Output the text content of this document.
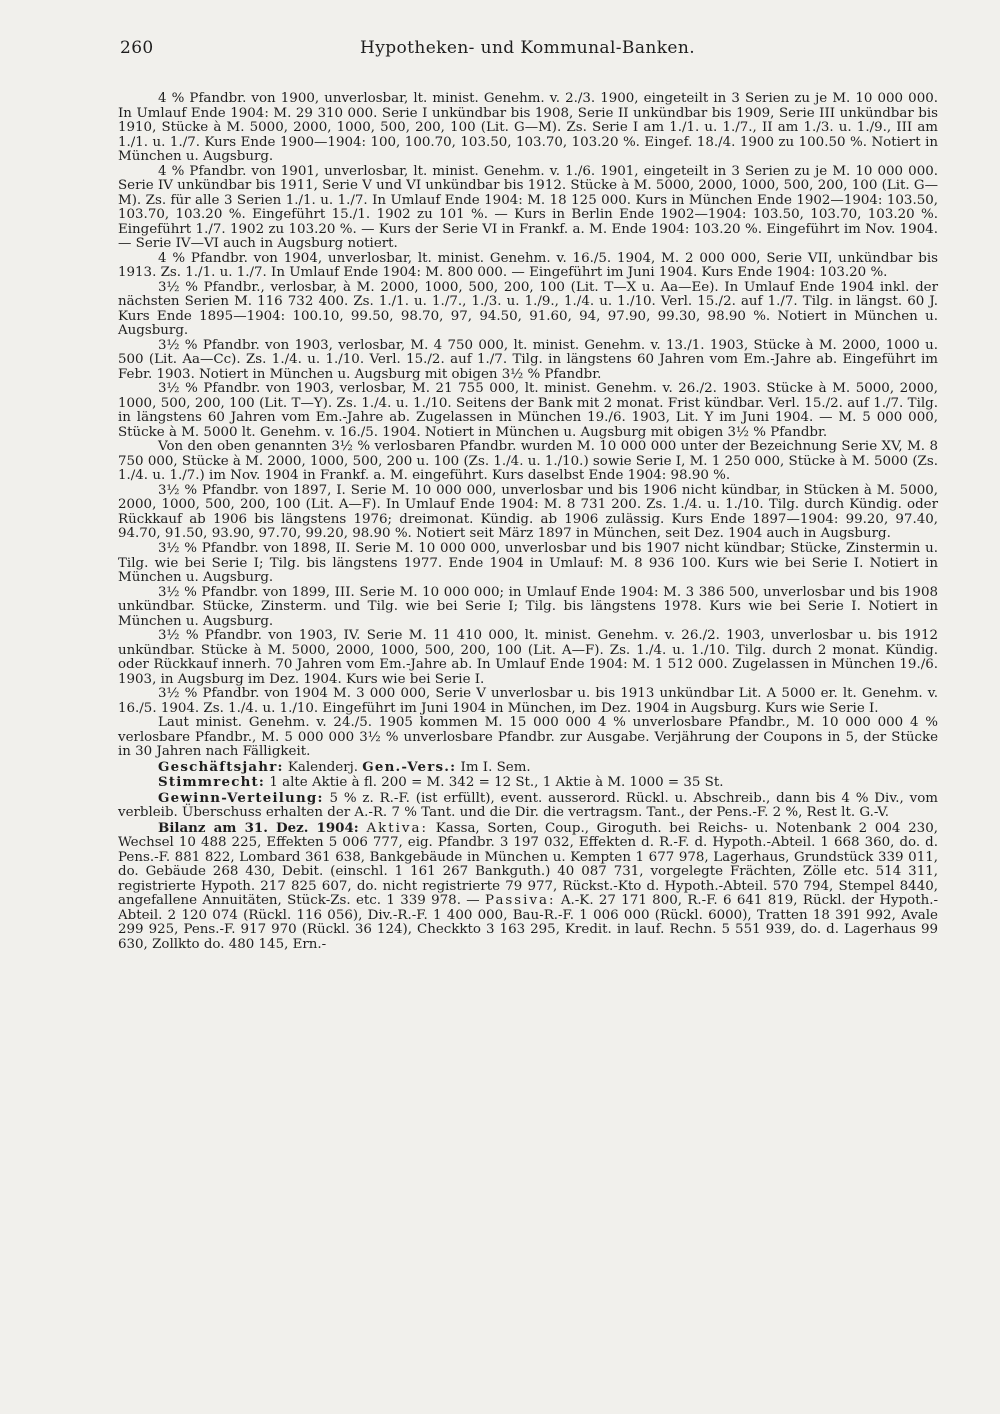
260	Hypotheken- und Kommunal-Banken.

4 % Pfandbr. von 1900, unverlosbar, lt. minist. Genehm. v. 2./3. 1900, eingeteilt in 3 Serien zu je M. 10 000 000. In Umlauf Ende 1904: M. 29 310 000. Serie I unkündbar bis 1908, Serie II unkündbar bis 1909, Serie III unkündbar bis 1910, Stücke à M. 5000, 2000, 1000, 500, 200, 100 (Lit. G—M). Zs. Serie I am 1./1. u. 1./7., II am 1./3. u. 1./9., III am 1./1. u. 1./7. Kurs Ende 1900—1904: 100, 100.70, 103.50, 103.70, 103.20 %. Eingef. 18./4. 1900 zu 100.50 %. Notiert in München u. Augsburg.

4 % Pfandbr. von 1901, unverlosbar, lt. minist. Genehm. v. 1./6. 1901, eingeteilt in 3 Serien zu je M. 10 000 000. Serie IV unkündbar bis 1911, Serie V und VI unkündbar bis 1912. Stücke à M. 5000, 2000, 1000, 500, 200, 100 (Lit. G—M). Zs. für alle 3 Serien 1./1. u. 1./7. In Umlauf Ende 1904: M. 18 125 000. Kurs in München Ende 1902—1904: 103.50, 103.70, 103.20 %. Eingeführt 15./1. 1902 zu 101 %. — Kurs in Berlin Ende 1902—1904: 103.50, 103.70, 103.20 %. Eingeführt 1./7. 1902 zu 103.20 %. — Kurs der Serie VI in Frankf. a. M. Ende 1904: 103.20 %. Eingeführt im Nov. 1904. — Serie IV—VI auch in Augsburg notiert.

4 % Pfandbr. von 1904, unverlosbar, lt. minist. Genehm. v. 16./5. 1904, M. 2 000 000, Serie VII, unkündbar bis 1913. Zs. 1./1. u. 1./7. In Umlauf Ende 1904: M. 800 000. — Eingeführt im Juni 1904. Kurs Ende 1904: 103.20 %.

3½ % Pfandbr., verlosbar, à M. 2000, 1000, 500, 200, 100 (Lit. T—X u. Aa—Ee). In Umlauf Ende 1904 inkl. der nächsten Serien M. 116 732 400. Zs. 1./1. u. 1./7., 1./3. u. 1./9., 1./4. u. 1./10. Verl. 15./2. auf 1./7. Tilg. in längst. 60 J. Kurs Ende 1895—1904: 100.10, 99.50, 98.70, 97, 94.50, 91.60, 94, 97.90, 99.30, 98.90 %. Notiert in München u. Augsburg.

3½ % Pfandbr. von 1903, verlosbar, M. 4 750 000, lt. minist. Genehm. v. 13./1. 1903, Stücke à M. 2000, 1000 u. 500 (Lit. Aa—Cc). Zs. 1./4. u. 1./10. Verl. 15./2. auf 1./7. Tilg. in längstens 60 Jahren vom Em.-Jahre ab. Eingeführt im Febr. 1903. Notiert in München u. Augsburg mit obigen 3½ % Pfandbr.

3½ % Pfandbr. von 1903, verlosbar, M. 21 755 000, lt. minist. Genehm. v. 26./2. 1903. Stücke à M. 5000, 2000, 1000, 500, 200, 100 (Lit. T—Y). Zs. 1./4. u. 1./10. Seitens der Bank mit 2 monat. Frist kündbar. Verl. 15./2. auf 1./7. Tilg. in längstens 60 Jahren vom Em.-Jahre ab. Zugelassen in München 19./6. 1903, Lit. Y im Juni 1904. — M. 5 000 000, Stücke à M. 5000 lt. Genehm. v. 16./5. 1904. Notiert in München u. Augsburg mit obigen 3½ % Pfandbr.

Von den oben genannten 3½ % verlosbaren Pfandbr. wurden M. 10 000 000 unter der Bezeichnung Serie XV, M. 8 750 000, Stücke à M. 2000, 1000, 500, 200 u. 100 (Zs. 1./4. u. 1./10.) sowie Serie I, M. 1 250 000, Stücke à M. 5000 (Zs. 1./4. u. 1./7.) im Nov. 1904 in Frankf. a. M. eingeführt. Kurs daselbst Ende 1904: 98.90 %.

3½ % Pfandbr. von 1897, I. Serie M. 10 000 000, unverlosbar und bis 1906 nicht kündbar, in Stücken à M. 5000, 2000, 1000, 500, 200, 100 (Lit. A—F). In Umlauf Ende 1904: M. 8 731 200. Zs. 1./4. u. 1./10. Tilg. durch Kündig. oder Rückkauf ab 1906 bis längstens 1976; dreimonat. Kündig. ab 1906 zulässig. Kurs Ende 1897—1904: 99.20, 97.40, 94.70, 91.50, 93.90, 97.70, 99.20, 98.90 %. Notiert seit März 1897 in München, seit Dez. 1904 auch in Augsburg.

3½ % Pfandbr. von 1898, II. Serie M. 10 000 000, unverlosbar und bis 1907 nicht kündbar; Stücke, Zinstermin u. Tilg. wie bei Serie I; Tilg. bis längstens 1977. Ende 1904 in Umlauf: M. 8 936 100. Kurs wie bei Serie I. Notiert in München u. Augsburg.

3½ % Pfandbr. von 1899, III. Serie M. 10 000 000; in Umlauf Ende 1904: M. 3 386 500, unverlosbar und bis 1908 unkündbar. Stücke, Zinsterm. und Tilg. wie bei Serie I; Tilg. bis längstens 1978. Kurs wie bei Serie I. Notiert in München u. Augsburg.

3½ % Pfandbr. von 1903, IV. Serie M. 11 410 000, lt. minist. Genehm. v. 26./2. 1903, unverlosbar u. bis 1912 unkündbar. Stücke à M. 5000, 2000, 1000, 500, 200, 100 (Lit. A—F). Zs. 1./4. u. 1./10. Tilg. durch 2 monat. Kündig. oder Rückkauf innerh. 70 Jahren vom Em.-Jahre ab. In Umlauf Ende 1904: M. 1 512 000. Zugelassen in München 19./6. 1903, in Augsburg im Dez. 1904. Kurs wie bei Serie I.

3½ % Pfandbr. von 1904 M. 3 000 000, Serie V unverlosbar u. bis 1913 unkündbar Lit. A 5000 er. lt. Genehm. v. 16./5. 1904. Zs. 1./4. u. 1./10. Eingeführt im Juni 1904 in München, im Dez. 1904 in Augsburg. Kurs wie Serie I.

Laut minist. Genehm. v. 24./5. 1905 kommen M. 15 000 000 4 % unverlosbare Pfandbr., M. 10 000 000 4 % verlosbare Pfandbr., M. 5 000 000 3½ % unverlosbare Pfandbr. zur Ausgabe. Verjährung der Coupons in 5, der Stücke in 30 Jahren nach Fälligkeit.

Geschäftsjahr: Kalenderj. Gen.-Vers.: Im I. Sem.

Stimmrecht: 1 alte Aktie à fl. 200 = M. 342 = 12 St., 1 Aktie à M. 1000 = 35 St.

Gewinn-Verteilung: 5 % z. R.-F. (ist erfüllt), event. ausserord. Rückl. u. Abschreib., dann bis 4 % Div., vom verbleib. Überschuss erhalten der A.-R. 7 % Tant. und die Dir. die vertragsm. Tant., der Pens.-F. 2 %, Rest lt. G.-V.

Bilanz am 31. Dez. 1904: Aktiva: Kassa, Sorten, Coup., Giroguth. bei Reichs- u. Notenbank 2 004 230, Wechsel 10 488 225, Effekten 5 006 777, eig. Pfandbr. 3 197 032, Effekten d. R.-F. d. Hypoth.-Abteil. 1 668 360, do. d. Pens.-F. 881 822, Lombard 361 638, Bankgebäude in München u. Kempten 1 677 978, Lagerhaus, Grundstück 339 011, do. Gebäude 268 430, Debit. (einschl. 1 161 267 Bankguth.) 40 087 731, vorgelegte Frächten, Zölle etc. 514 311, registrierte Hypoth. 217 825 607, do. nicht registrierte 79 977, Rückst.-Kto d. Hypoth.-Abteil. 570 794, Stempel 8440, angefallene Annuitäten, Stück-Zs. etc. 1 339 978. — Passiva: A.-K. 27 171 800, R.-F. 6 641 819, Rückl. der Hypoth.-Abteil. 2 120 074 (Rückl. 116 056), Div.-R.-F. 1 400 000, Bau-R.-F. 1 006 000 (Rückl. 6000), Tratten 18 391 992, Avale 299 925, Pens.-F. 917 970 (Rückl. 36 124), Checkkto 3 163 295, Kredit. in lauf. Rechn. 5 551 939, do. d. Lagerhaus 99 630, Zollkto do. 480 145, Ern.-
